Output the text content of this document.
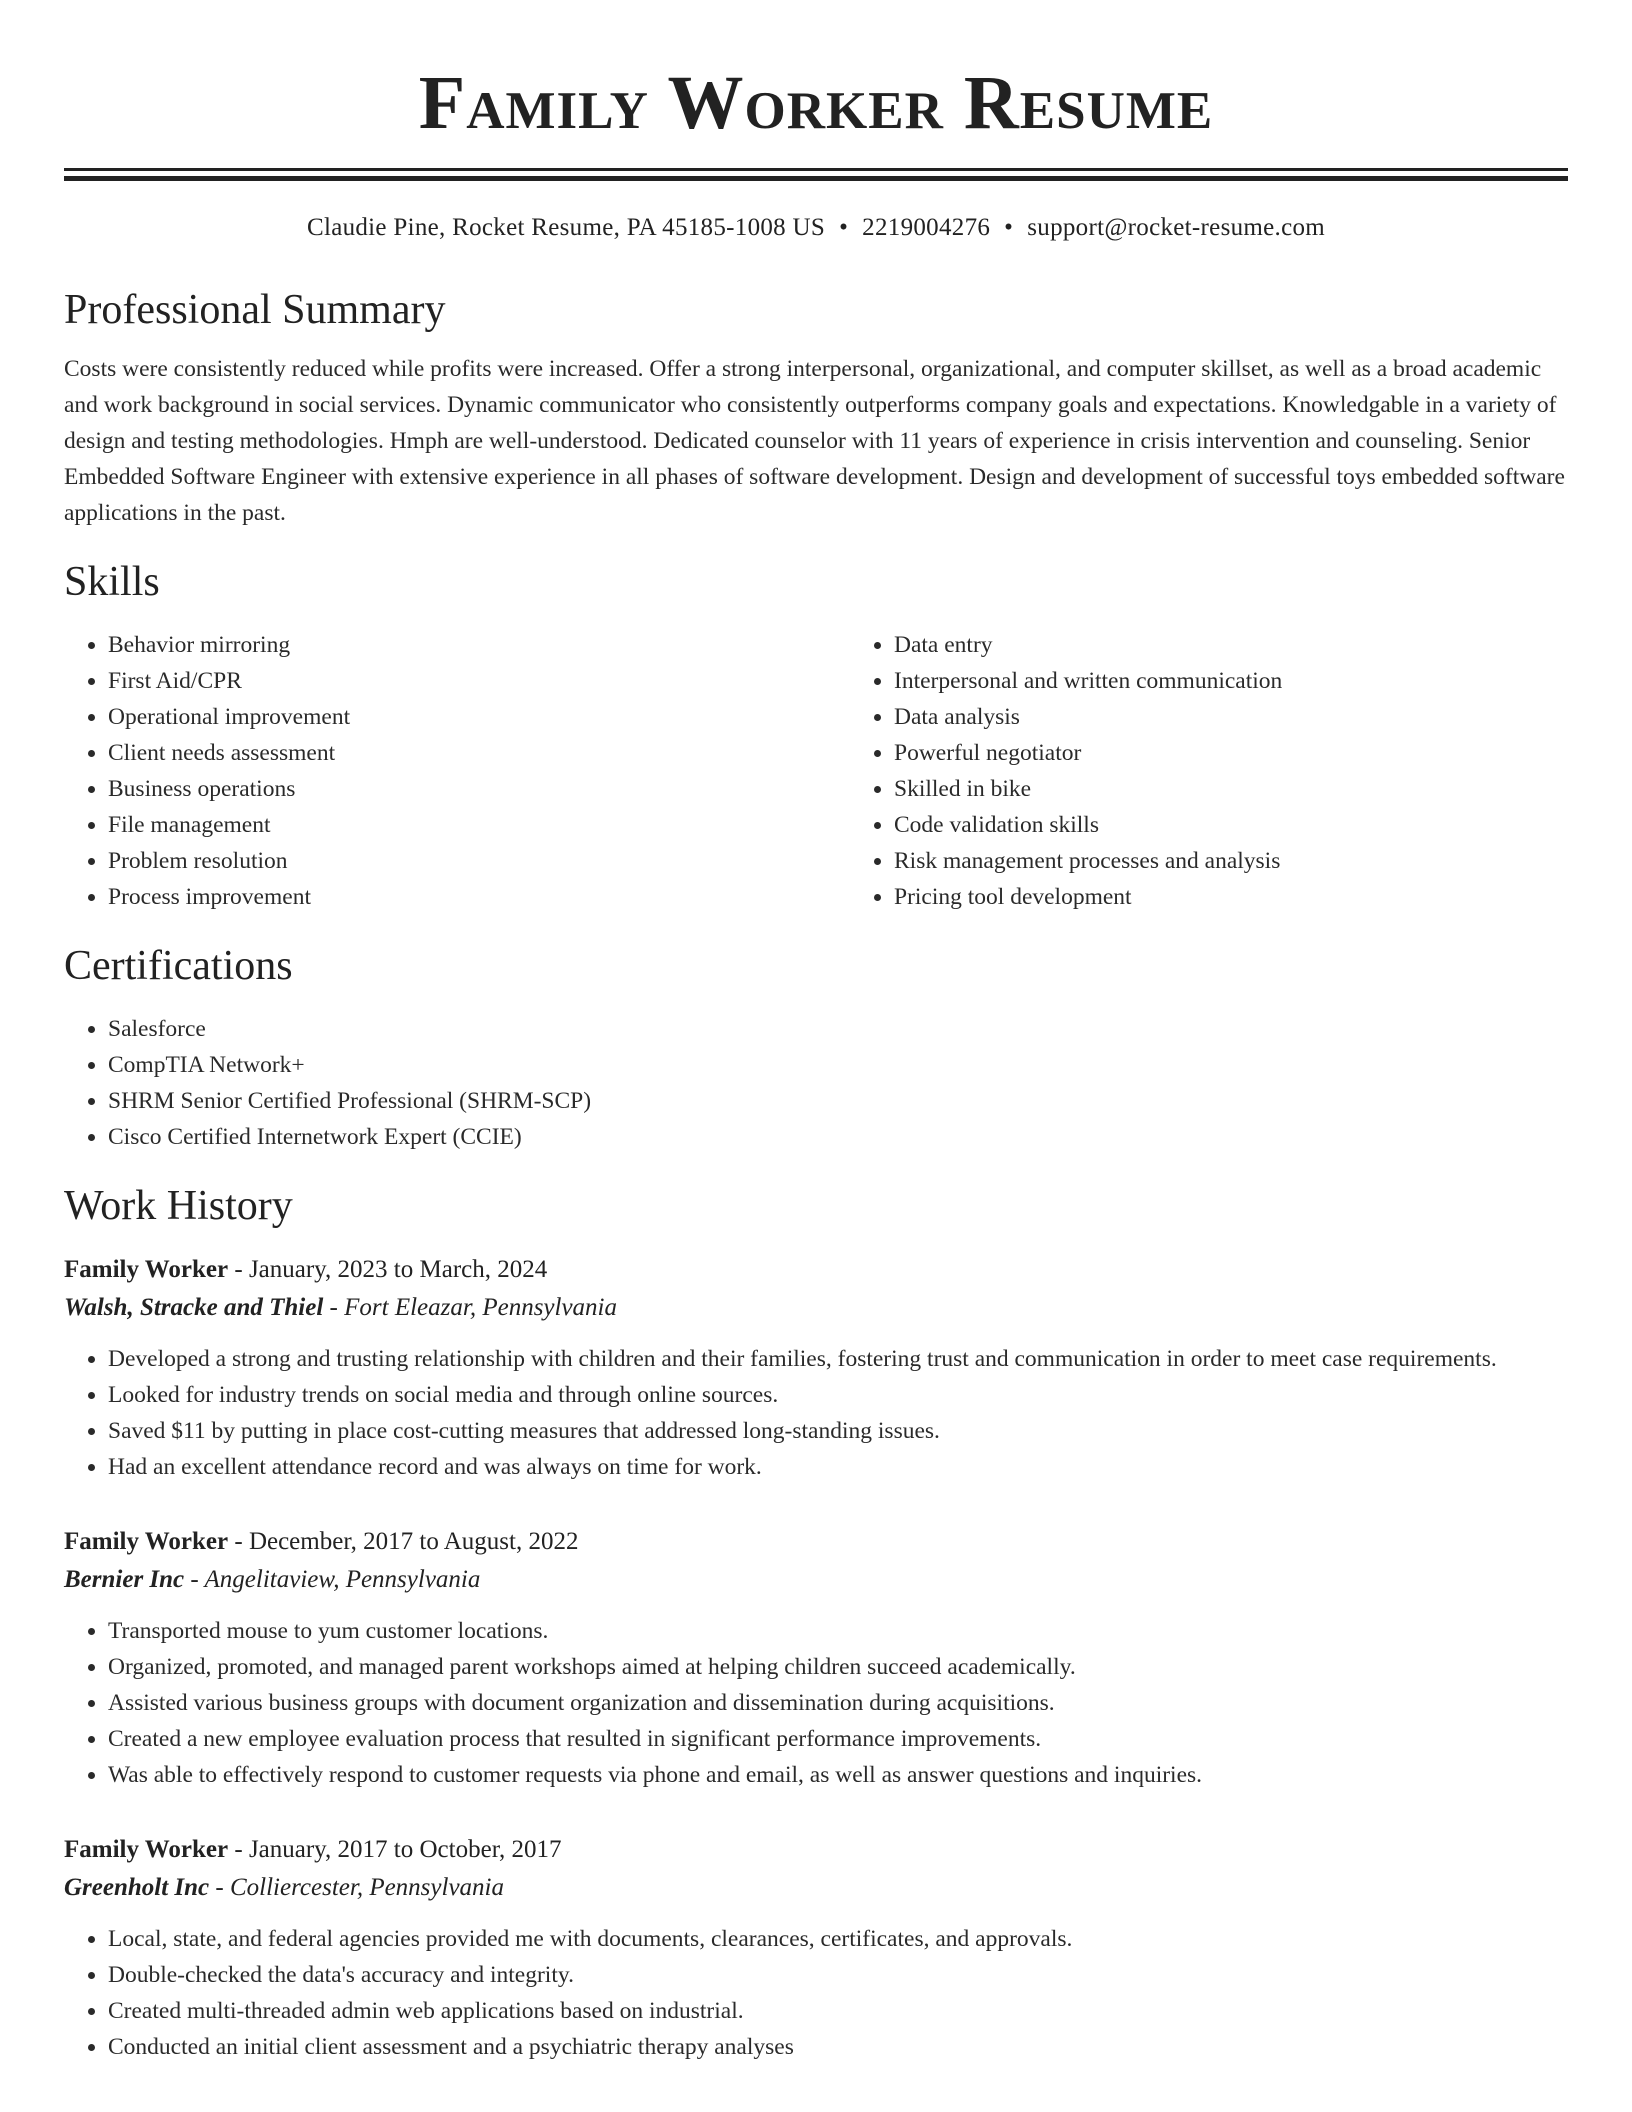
Family Worker Resume
Claudie Pine, Rocket Resume, PA 45185-1008 US • 2219004276 • support@rocket-resume.com
Professional Summary

Costs were consistently reduced while profits were increased. Offer a strong interpersonal, organizational, and computer skillset, as well as a broad academic and work background in social services. Dynamic communicator who consistently outperforms company goals and expectations. Knowledgable in a variety of design and testing methodologies. Hmph are well-understood. Dedicated counselor with 11 years of experience in crisis intervention and counseling. Senior Embedded Software Engineer with extensive experience in all phases of software development. Design and development of successful toys embedded software applications in the past.

Skills
• Behavior mirroring
• First Aid/CPR
• Operational improvement
• Client needs assessment
• Business operations
• File management
• Problem resolution
• Process improvement
• Data entry
• Interpersonal and written communication
• Data analysis
• Powerful negotiator
• Skilled in bike
• Code validation skills
• Risk management processes and analysis
• Pricing tool development
Certifications
• Salesforce
• CompTIA Network+
• SHRM Senior Certified Professional (SHRM-SCP)
• Cisco Certified Internetwork Expert (CCIE)
Work History
Family Worker - January, 2023 to March, 2024
Walsh, Stracke and Thiel - Fort Eleazar, Pennsylvania
• Developed a strong and trusting relationship with children and their families, fostering trust and communication in order to meet case requirements.
• Looked for industry trends on social media and through online sources.
• Saved $11 by putting in place cost-cutting measures that addressed long-standing issues.
• Had an excellent attendance record and was always on time for work.
Family Worker - December, 2017 to August, 2022
Bernier Inc - Angelitaview, Pennsylvania
• Transported mouse to yum customer locations.
• Organized, promoted, and managed parent workshops aimed at helping children succeed academically.
• Assisted various business groups with document organization and dissemination during acquisitions.
• Created a new employee evaluation process that resulted in significant performance improvements.
• Was able to effectively respond to customer requests via phone and email, as well as answer questions and inquiries.
Family Worker - January, 2017 to October, 2017
Greenholt Inc - Colliercester, Pennsylvania
• Local, state, and federal agencies provided me with documents, clearances, certificates, and approvals.
• Double-checked the data's accuracy and integrity.
• Created multi-threaded admin web applications based on industrial.
• Conducted an initial client assessment and a psychiatric therapy analyses
